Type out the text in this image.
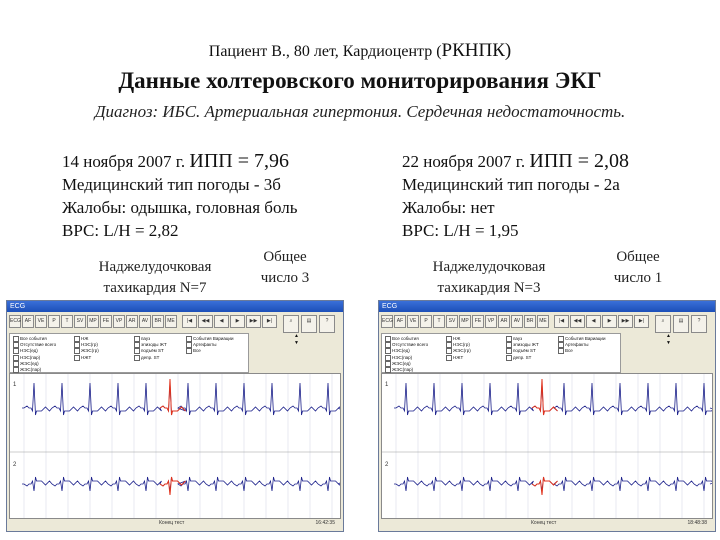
Пациент В., 80 лет, Кардиоцентр (РКНПК)
Данные холтеровского мониторирования ЭКГ
Диагноз: ИБС. Артериальная гипертония. Сердечная недостаточность.
14 ноября 2007 г. ИПП = 7,96
Медицинский тип погоды - 3б
Жалобы: одышка, головная боль
ВРС: L/H = 2,82
22 ноября 2007 г. ИПП = 2,08
Медицинский тип погоды - 2а
Жалобы: нет
ВРС: L/H = 1,95
Наджелудочковая
тахикардия N=7
Общее
число 3
Наджелудочковая
тахикардия N=3
Общее
число 1
ECG
ECG AF	VE	P	T	SV	MP	FE	VP	AR	AV	BR	ME	|◀	◀◀	◀	▶	▶▶	▶|	⌕	▤	?
Все события
Отсутствие всего
НЭС(ед)
НЭС(пар)
ЖЭС(ед)
ЖЭС(пар)
НЖ
НЭС(гр)
ЖЭС(гр)
НЖТ
пауз
эпизоды ЖТ
подъём ST
депр. ST
События Вариации
Артефакты
Все
▲
▼
1
2
Конец тест	16:42:35
ECG
ECG AF	VE	P	T	SV	MP	FE	VP	AR	AV	BR	ME	|◀	◀◀	◀	▶	▶▶	▶|	⌕	▤	?
Все события
Отсутствие всего
НЭС(ед)
НЭС(пар)
ЖЭС(ед)
ЖЭС(пар)
НЖ
НЭС(гр)
ЖЭС(гр)
НЖТ
пауз
эпизоды ЖТ
подъём ST
депр. ST
События Вариации
Артефакты
Все
▲
▼
1
2
Конец тест	18:48:38
